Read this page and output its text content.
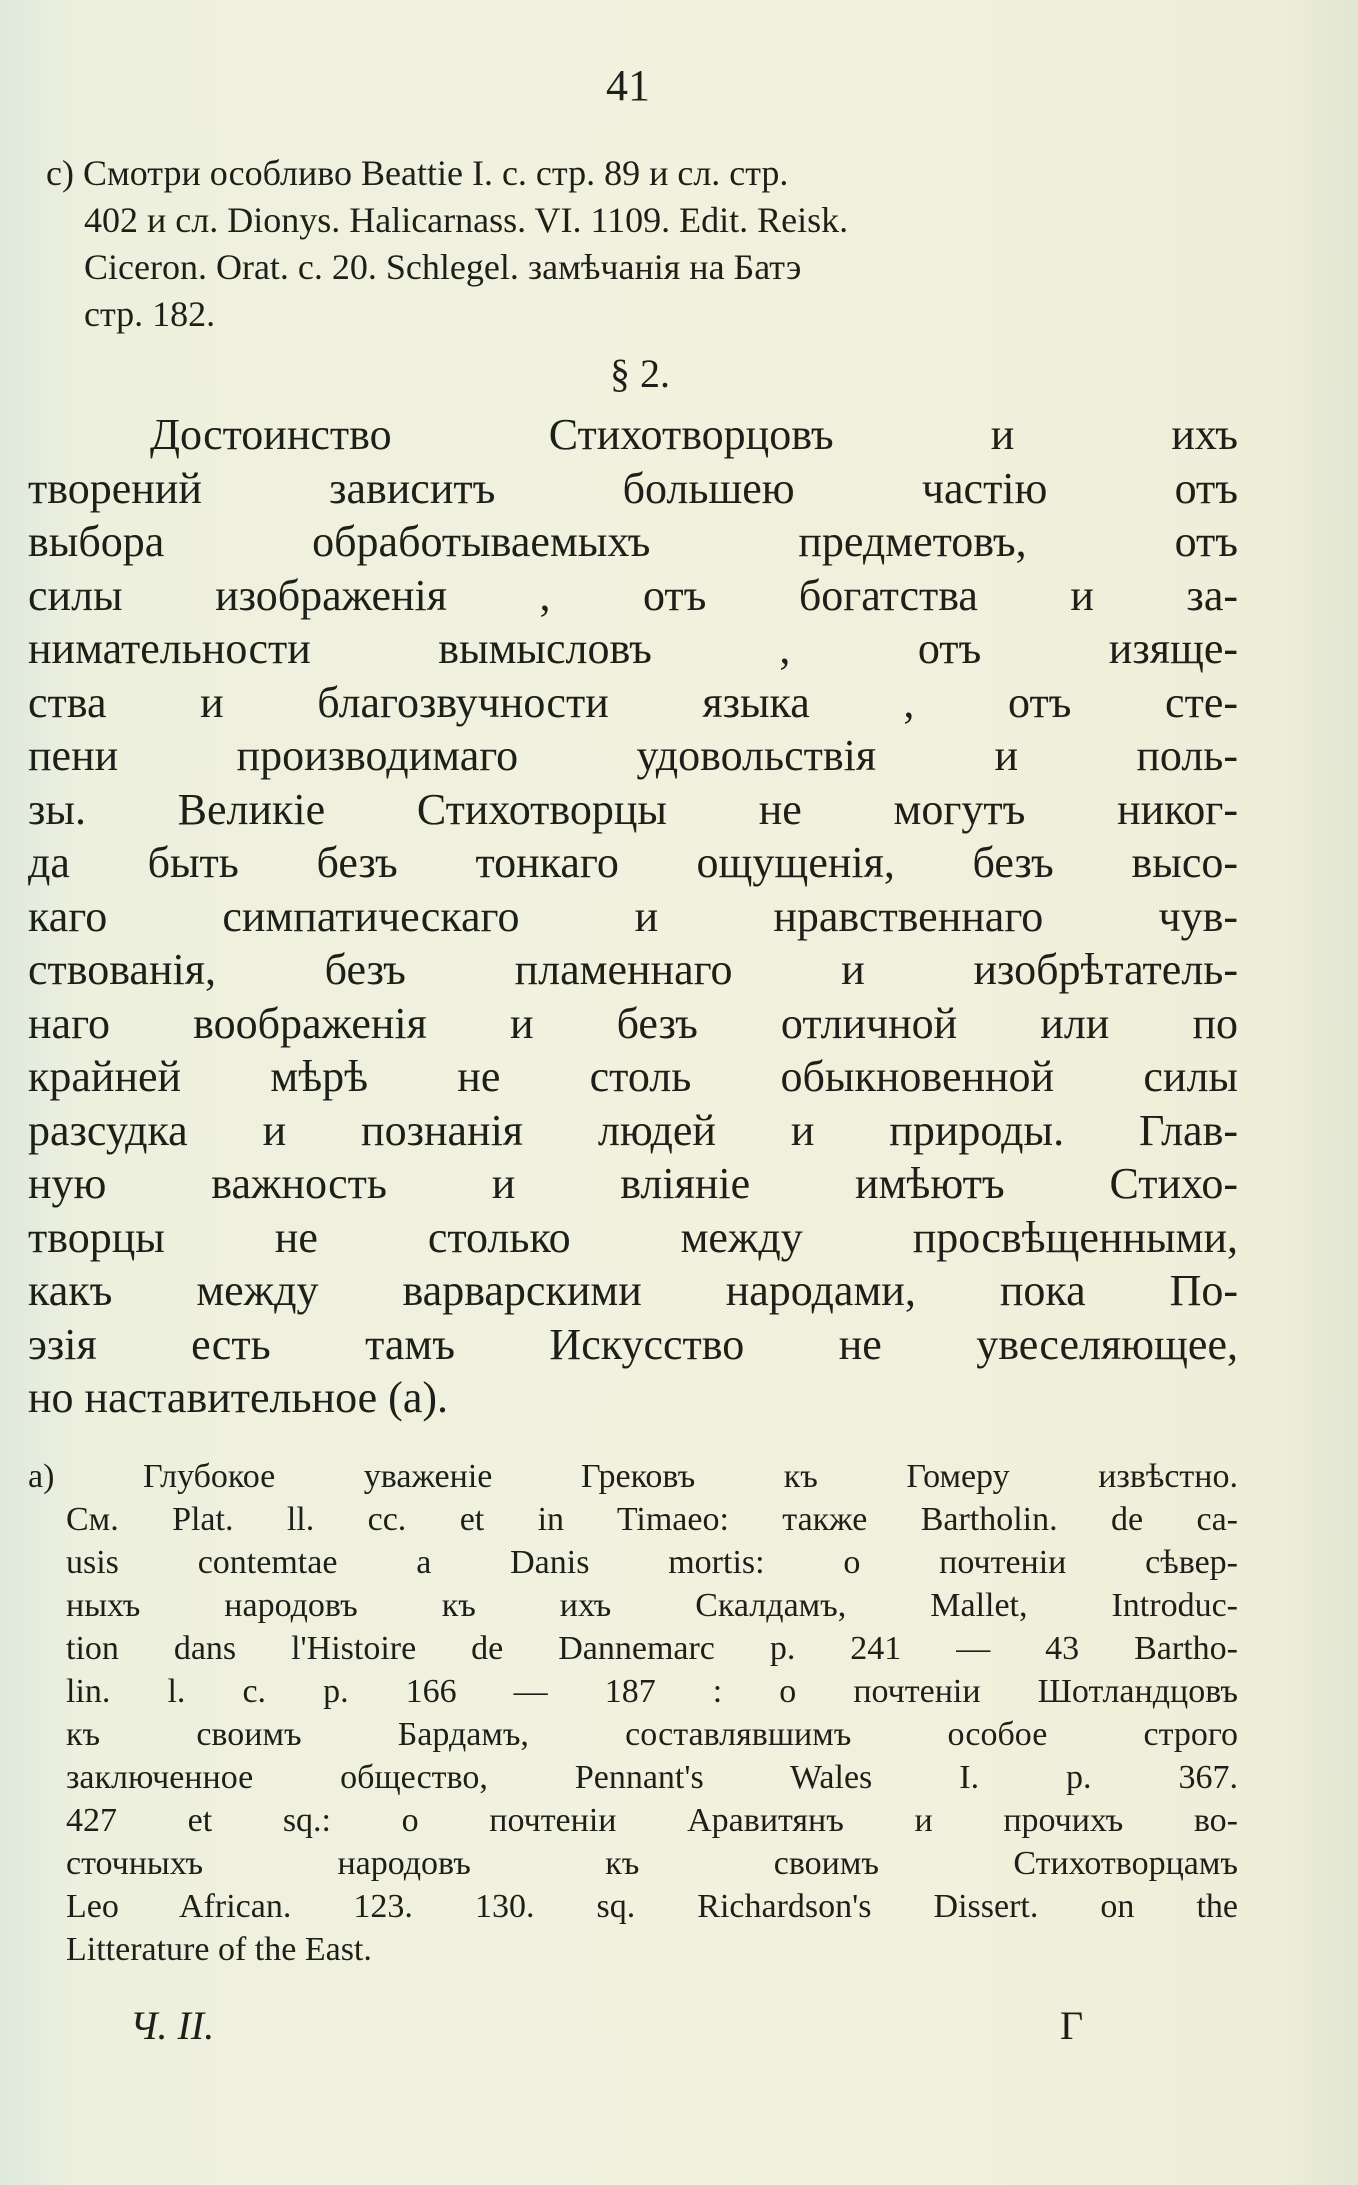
41
с) Смотри особливо Beattie I. с. стр. 89 и сл. стр.
402 и сл. Dionys. Halicarnass. VI. 1109. Edit. Reisk.
Ciceron. Orat. с. 20. Schlegel. замѣчанія на Батэ
стр. 182.
§ 2.
Достоинство Стихотворцовъ и ихъ
творений зависитъ большею частію отъ
выбора обработываемыхъ предметовъ, отъ
силы изображенія , отъ богатства и за-
нимательности вымысловъ , отъ изяще-
ства и благозвучности языка , отъ сте-
пени производимаго удовольствія и поль-
зы. Великіе Стихотворцы не могутъ никог-
да быть безъ тонкаго ощущенія, безъ высо-
каго симпатическаго и нравственнаго чув-
ствованія, безъ пламеннаго и изобрѣтатель-
наго воображенія и безъ отличной или по
крайней мѣрѣ не столь обыкновенной силы
разсудка и познанія людей и природы. Глав-
ную важность и вліяніе имѣютъ Стихо-
творцы не столько между просвѣщенными,
какъ между варварскими народами, пока По-
эзія есть тамъ Искусство не увеселяющее,
но наставительное (а).
а) Глубокое уваженіе Грековъ къ Гомеру извѣстно.
См. Plat. ll. cc. et in Timaeo: также Bartholin. de ca-
usis contemtae a Danis mortis: о почтеніи сѣвер-
ныхъ народовъ къ ихъ Скалдамъ, Mallet, Introduc-
tion dans l'Histoire de Dannemarc p. 241 — 43 Bartho-
lin. l. с. p. 166 — 187 : о почтеніи Шотландцовъ
къ своимъ Бардамъ, составлявшимъ особое строго
заключенное общество, Pennant's Wales I. p. 367.
427 et sq.: о почтеніи Аравитянъ и прочихъ во-
сточныхъ народовъ къ своимъ Стихотворцамъ
Leo African. 123. 130. sq. Richardson's Dissert. on the
Litterature of the East.
Ч. II.	Г
